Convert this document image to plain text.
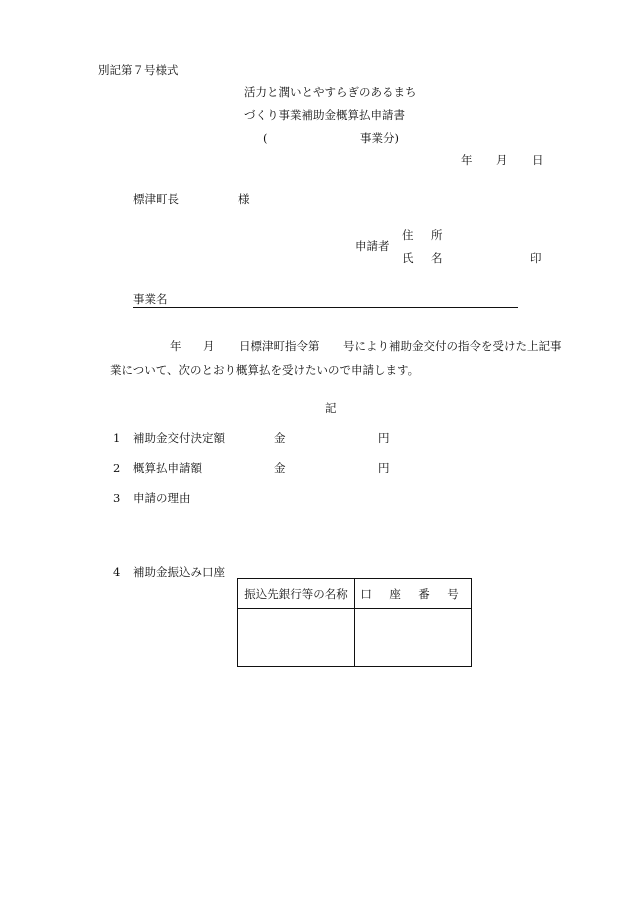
別記第７号様式
活力と潤いとやすらぎのあるまち
づくり事業補助金概算払申請書
(	事業分)
年 月 日
標津町長	様
申請者
住 所
氏 名	印
事業名
年 月 日標津町指令第 号により補助金交付の指令を受けた上記事
業について、次のとおり概算払を受けたいので申請します。
記
1 補助金交付決定額	金	円
2 概算払申請額	金	円
3 申請の理由
4 補助金振込み口座
振込先銀行等の名称	口 座 番 号
